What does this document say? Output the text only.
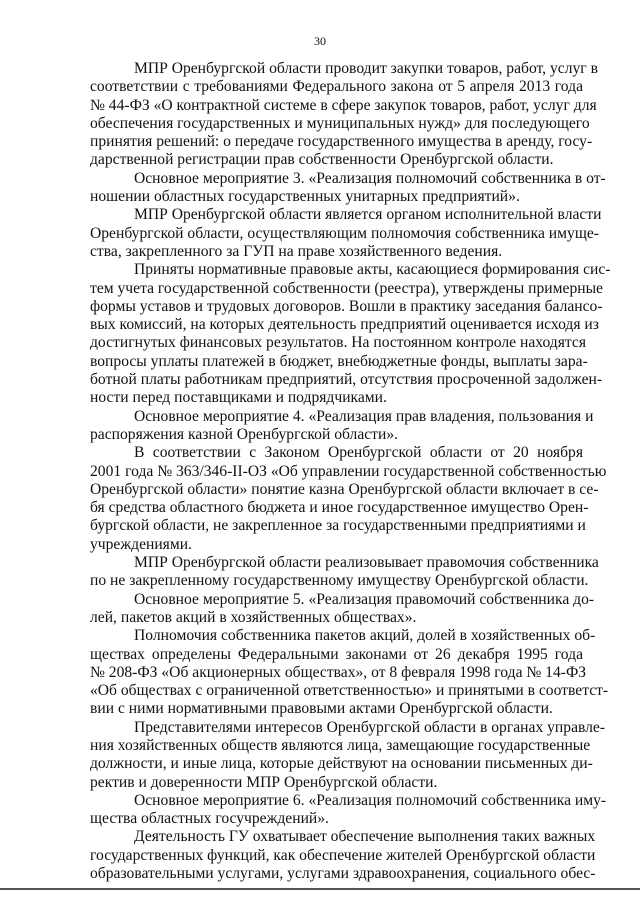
30

МПР Оренбургской области проводит закупки товаров, работ, услуг в
соответствии с требованиями Федерального закона от 5 апреля 2013 года
№ 44-ФЗ «О контрактной системе в сфере закупок товаров, работ, услуг для
обеспечения государственных и муниципальных нужд» для последующего
принятия решений: о передаче государственного имущества в аренду, госу-
дарственной регистрации прав собственности Оренбургской области.

Основное мероприятие 3. «Реализация полномочий собственника в от-
ношении областных государственных унитарных предприятий».

МПР Оренбургской области является органом исполнительной власти
Оренбургской области, осуществляющим полномочия собственника имуще-
ства, закрепленного за ГУП на праве хозяйственного ведения.

Приняты нормативные правовые акты, касающиеся формирования сис-
тем учета государственной собственности (реестра), утверждены примерные
формы уставов и трудовых договоров. Вошли в практику заседания балансо-
вых комиссий, на которых деятельность предприятий оценивается исходя из
достигнутых финансовых результатов. На постоянном контроле находятся
вопросы уплаты платежей в бюджет, внебюджетные фонды, выплаты зара-
ботной платы работникам предприятий, отсутствия просроченной задолжен-
ности перед поставщиками и подрядчиками.

Основное мероприятие 4. «Реализация прав владения, пользования и
распоряжения казной Оренбургской области».

В соответствии с Законом Оренбургской области от 20 ноября
2001 года № 363/346-II-ОЗ «Об управлении государственной собственностью
Оренбургской области» понятие казна Оренбургской области включает в се-
бя средства областного бюджета и иное государственное имущество Орен-
бургской области, не закрепленное за государственными предприятиями и
учреждениями.

МПР Оренбургской области реализовывает правомочия собственника
по не закрепленному государственному имуществу Оренбургской области.

Основное мероприятие 5. «Реализация правомочий собственника до-
лей, пакетов акций в хозяйственных обществах».

Полномочия собственника пакетов акций, долей в хозяйственных об-
ществах определены Федеральными законами от 26 декабря 1995 года
№ 208-ФЗ «Об акционерных обществах», от 8 февраля 1998 года № 14-ФЗ
«Об обществах с ограниченной ответственностью» и принятыми в соответст-
вии с ними нормативными правовыми актами Оренбургской области.

Представителями интересов Оренбургской области в органах управле-
ния хозяйственных обществ являются лица, замещающие государственные
должности, и иные лица, которые действуют на основании письменных ди-
ректив и доверенности МПР Оренбургской области.

Основное мероприятие 6. «Реализация полномочий собственника иму-
щества областных госучреждений».

Деятельность ГУ охватывает обеспечение выполнения таких важных
государственных функций, как обеспечение жителей Оренбургской области
образовательными услугами, услугами здравоохранения, социального обес-
